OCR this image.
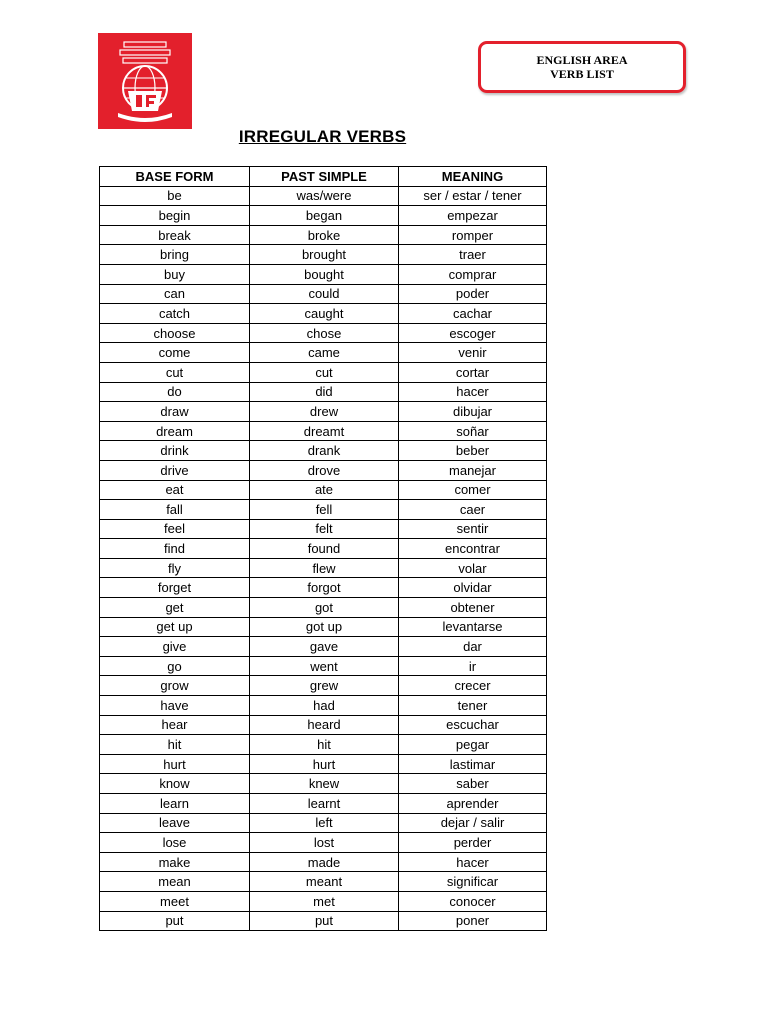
ENGLISH AREA
VERB LIST
IRREGULAR VERBS
BASE FORM	PAST SIMPLE	MEANING
be	was/were	ser / estar / tener
begin	began	empezar
break	broke	romper
bring	brought	traer
buy	bought	comprar
can	could	poder
catch	caught	cachar
choose	chose	escoger
come	came	venir
cut	cut	cortar
do	did	hacer
draw	drew	dibujar
dream	dreamt	soñar
drink	drank	beber
drive	drove	manejar
eat	ate	comer
fall	fell	caer
feel	felt	sentir
find	found	encontrar
fly	flew	volar
forget	forgot	olvidar
get	got	obtener
get up	got up	levantarse
give	gave	dar
go	went	ir
grow	grew	crecer
have	had	tener
hear	heard	escuchar
hit	hit	pegar
hurt	hurt	lastimar
know	knew	saber
learn	learnt	aprender
leave	left	dejar / salir
lose	lost	perder
make	made	hacer
mean	meant	significar
meet	met	conocer
put	put	poner
